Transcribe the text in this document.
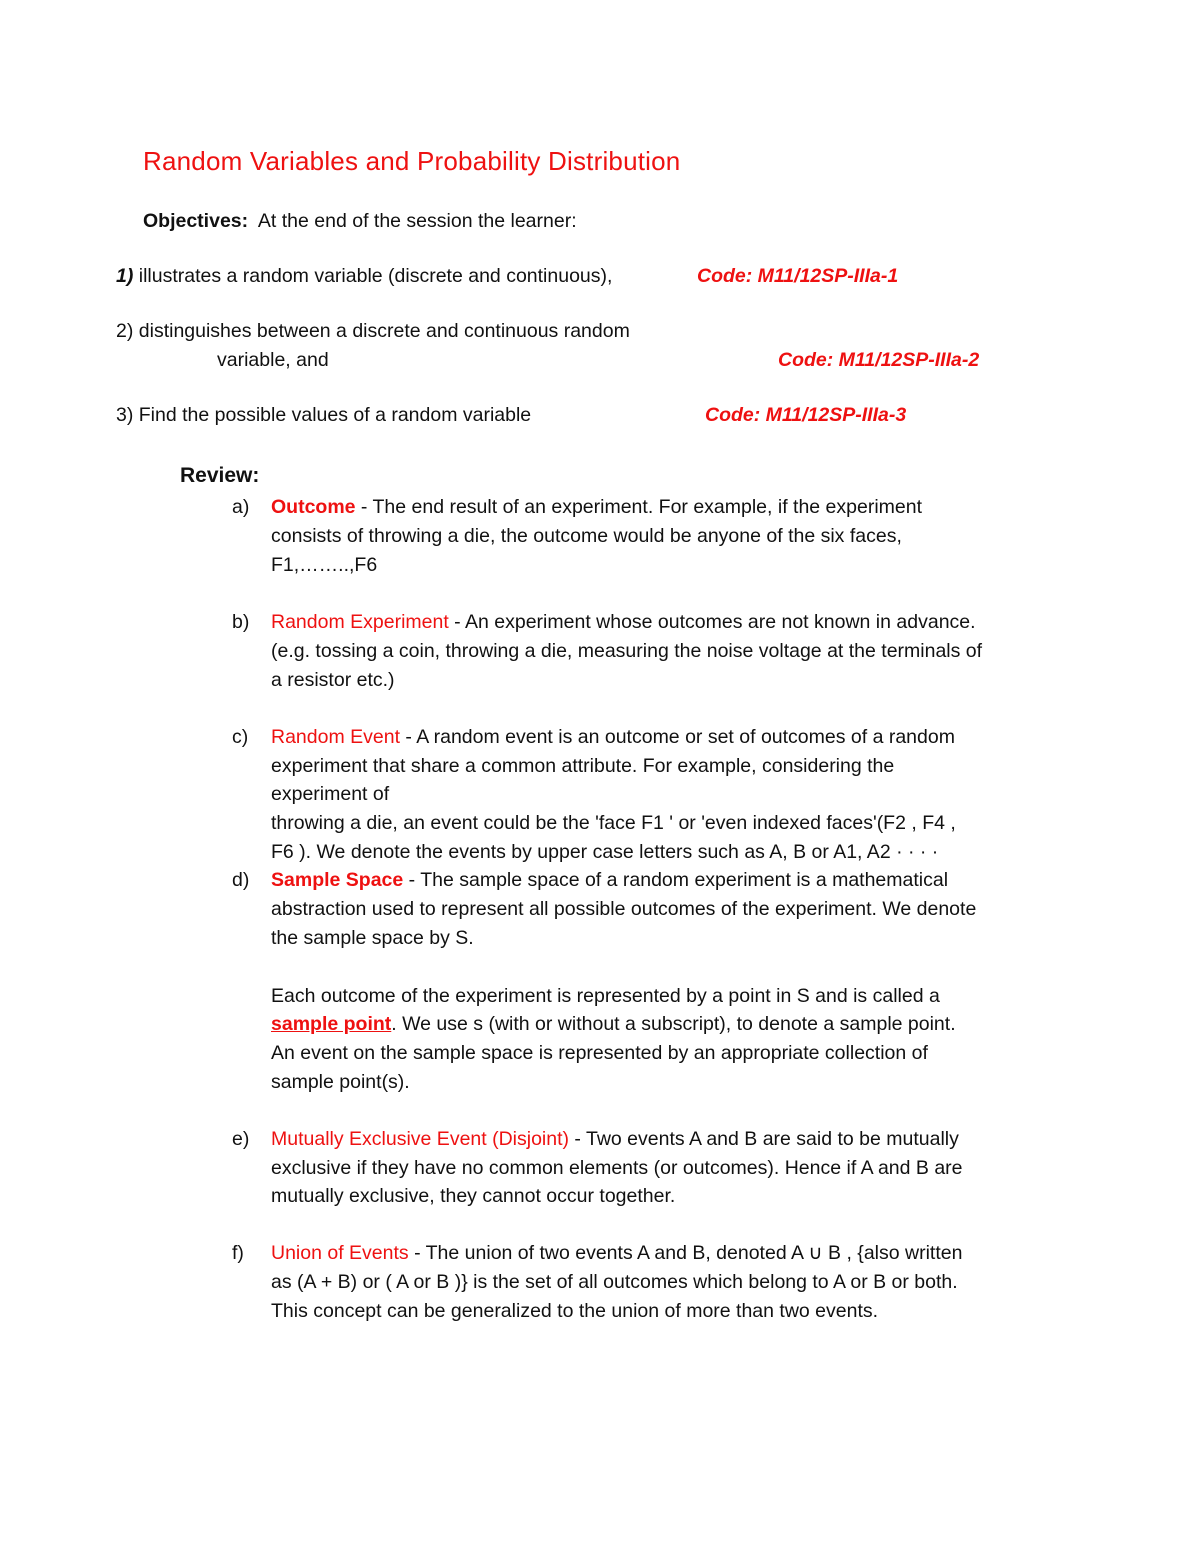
Random Variables and Probability Distribution
Objectives: At the end of the session the learner:
1) illustrates a random variable (discrete and continuous),	Code: M11/12SP-IIIa-1
2) distinguishes between a discrete and continuous random
variable, and	Code: M11/12SP-IIIa-2
3) Find the possible values of a random variable	Code: M11/12SP-IIIa-3
Review:
a) Outcome - The end result of an experiment. For example, if the experiment
consists of throwing a die, the outcome would be anyone of the six faces,
F1,……..,F6
b) Random Experiment - An experiment whose outcomes are not known in advance.
(e.g. tossing a coin, throwing a die, measuring the noise voltage at the terminals of
a resistor etc.)
c) Random Event - A random event is an outcome or set of outcomes of a random
experiment that share a common attribute. For example, considering the
experiment of
throwing a die, an event could be the 'face F1 ' or 'even indexed faces'(F2 , F4 ,
F6 ). We denote the events by upper case letters such as A, B or A1, A2 · · · ·
d) Sample Space - The sample space of a random experiment is a mathematical
abstraction used to represent all possible outcomes of the experiment. We denote
the sample space by S.
Each outcome of the experiment is represented by a point in S and is called a
sample point. We use s (with or without a subscript), to denote a sample point.
An event on the sample space is represented by an appropriate collection of
sample point(s).
e) Mutually Exclusive Event (Disjoint) - Two events A and B are said to be mutually
exclusive if they have no common elements (or outcomes). Hence if A and B are
mutually exclusive, they cannot occur together.
f) Union of Events - The union of two events A and B, denoted A ∪ B , {also written
as (A + B) or ( A or B )} is the set of all outcomes which belong to A or B or both.
This concept can be generalized to the union of more than two events.
